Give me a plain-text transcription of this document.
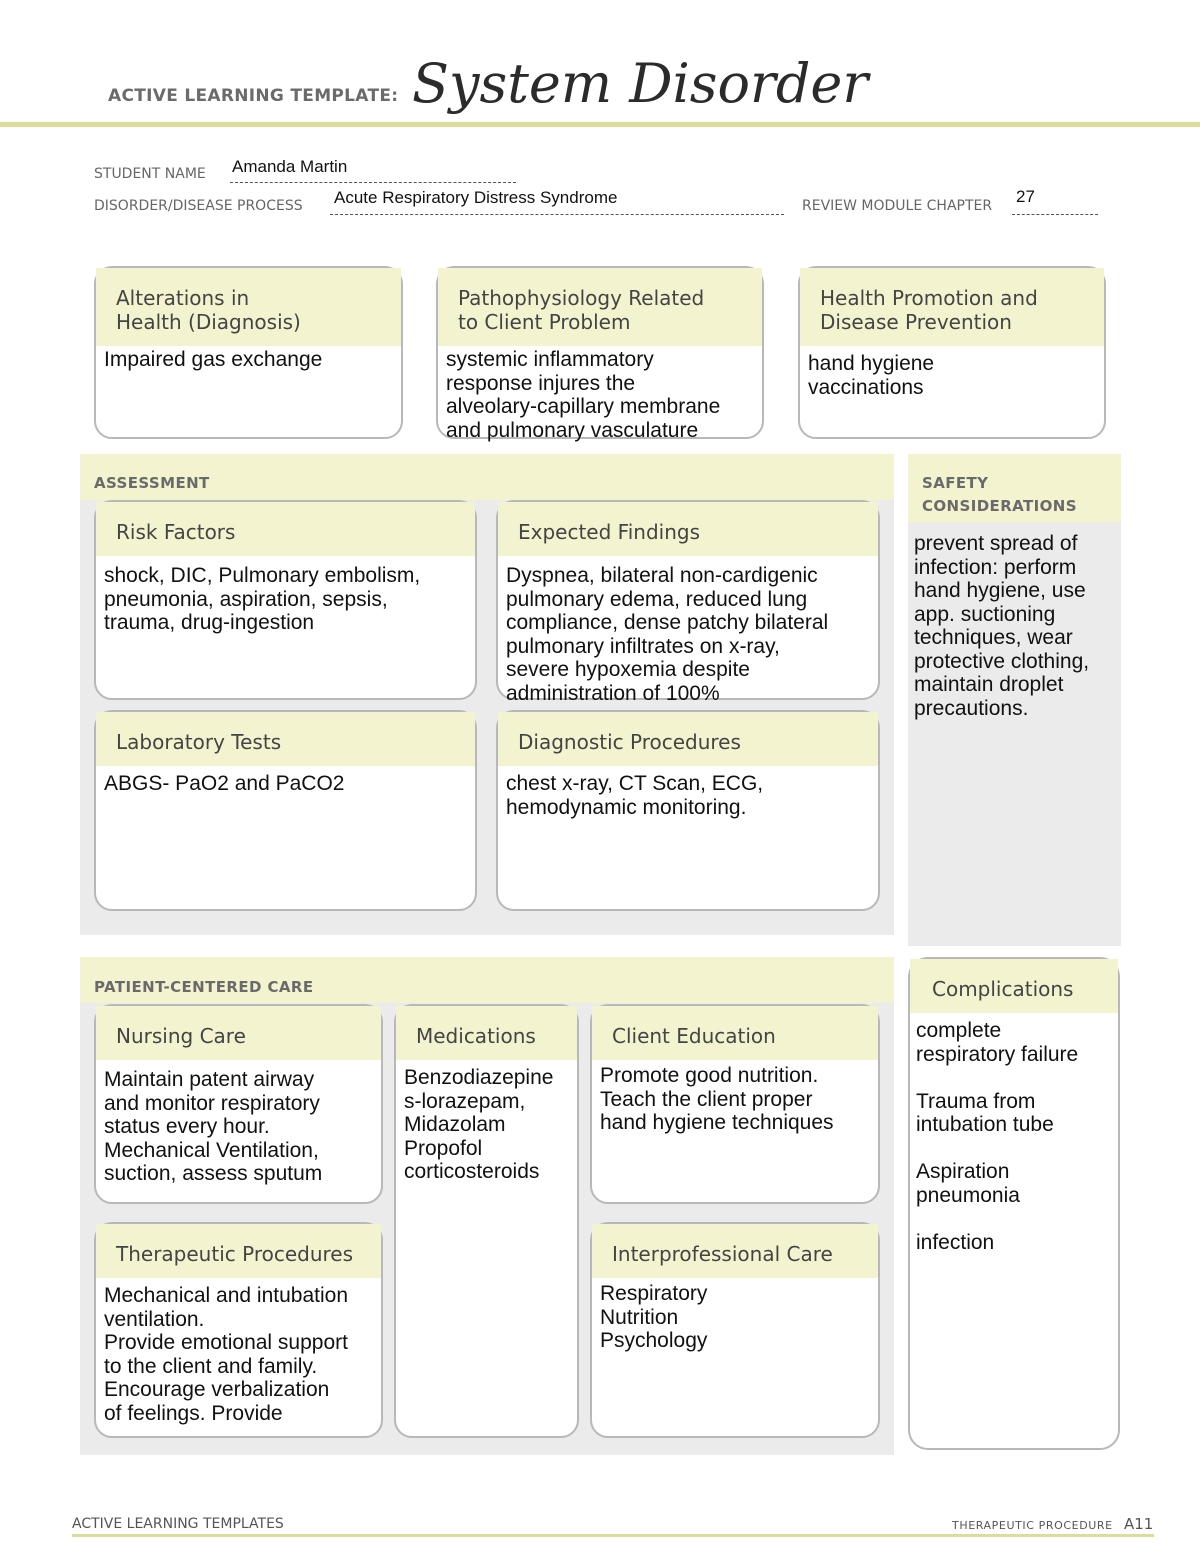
ACTIVE LEARNING TEMPLATE: System Disorder
STUDENT NAME Amanda Martin
DISORDER/DISEASE PROCESS Acute Respiratory Distress Syndrome	REVIEW MODULE CHAPTER 27
Alterations in
Health (Diagnosis)
Impaired gas exchange
Pathophysiology Related
to Client Problem
systemic inflammatory
response injures the
alveolary-capillary membrane
and pulmonary vasculature
Health Promotion and
Disease Prevention
hand hygiene
vaccinations
ASSESSMENT
Risk Factors
shock, DIC, Pulmonary embolism,
pneumonia, aspiration, sepsis,
trauma, drug-ingestion
Expected Findings
Dyspnea, bilateral non-cardigenic
pulmonary edema, reduced lung
compliance, dense patchy bilateral
pulmonary infiltrates on x-ray,
severe hypoxemia despite
administration of 100%
Laboratory Tests
ABGS- PaO2 and PaCO2
Diagnostic Procedures
chest x-ray, CT Scan, ECG,
hemodynamic monitoring.
SAFETY
CONSIDERATIONS
prevent spread of
infection: perform
hand hygiene, use
app. suctioning
techniques, wear
protective clothing,
maintain droplet
precautions.
PATIENT-CENTERED CARE
Nursing Care
Maintain patent airway
and monitor respiratory
status every hour.
Mechanical Ventilation,
suction, assess sputum
Medications
Benzodiazepine
s-lorazepam,
Midazolam
Propofol
corticosteroids
Client Education
Promote good nutrition.
Teach the client proper
hand hygiene techniques
Therapeutic Procedures
Mechanical and intubation
ventilation.
Provide emotional support
to the client and family.
Encourage verbalization
of feelings. Provide
Interprofessional Care
Respiratory
Nutrition
Psychology
Complications
complete
respiratory failure

Trauma from
intubation tube

Aspiration
pneumonia

infection
ACTIVE LEARNING TEMPLATES	THERAPEUTIC PROCEDURE A11
